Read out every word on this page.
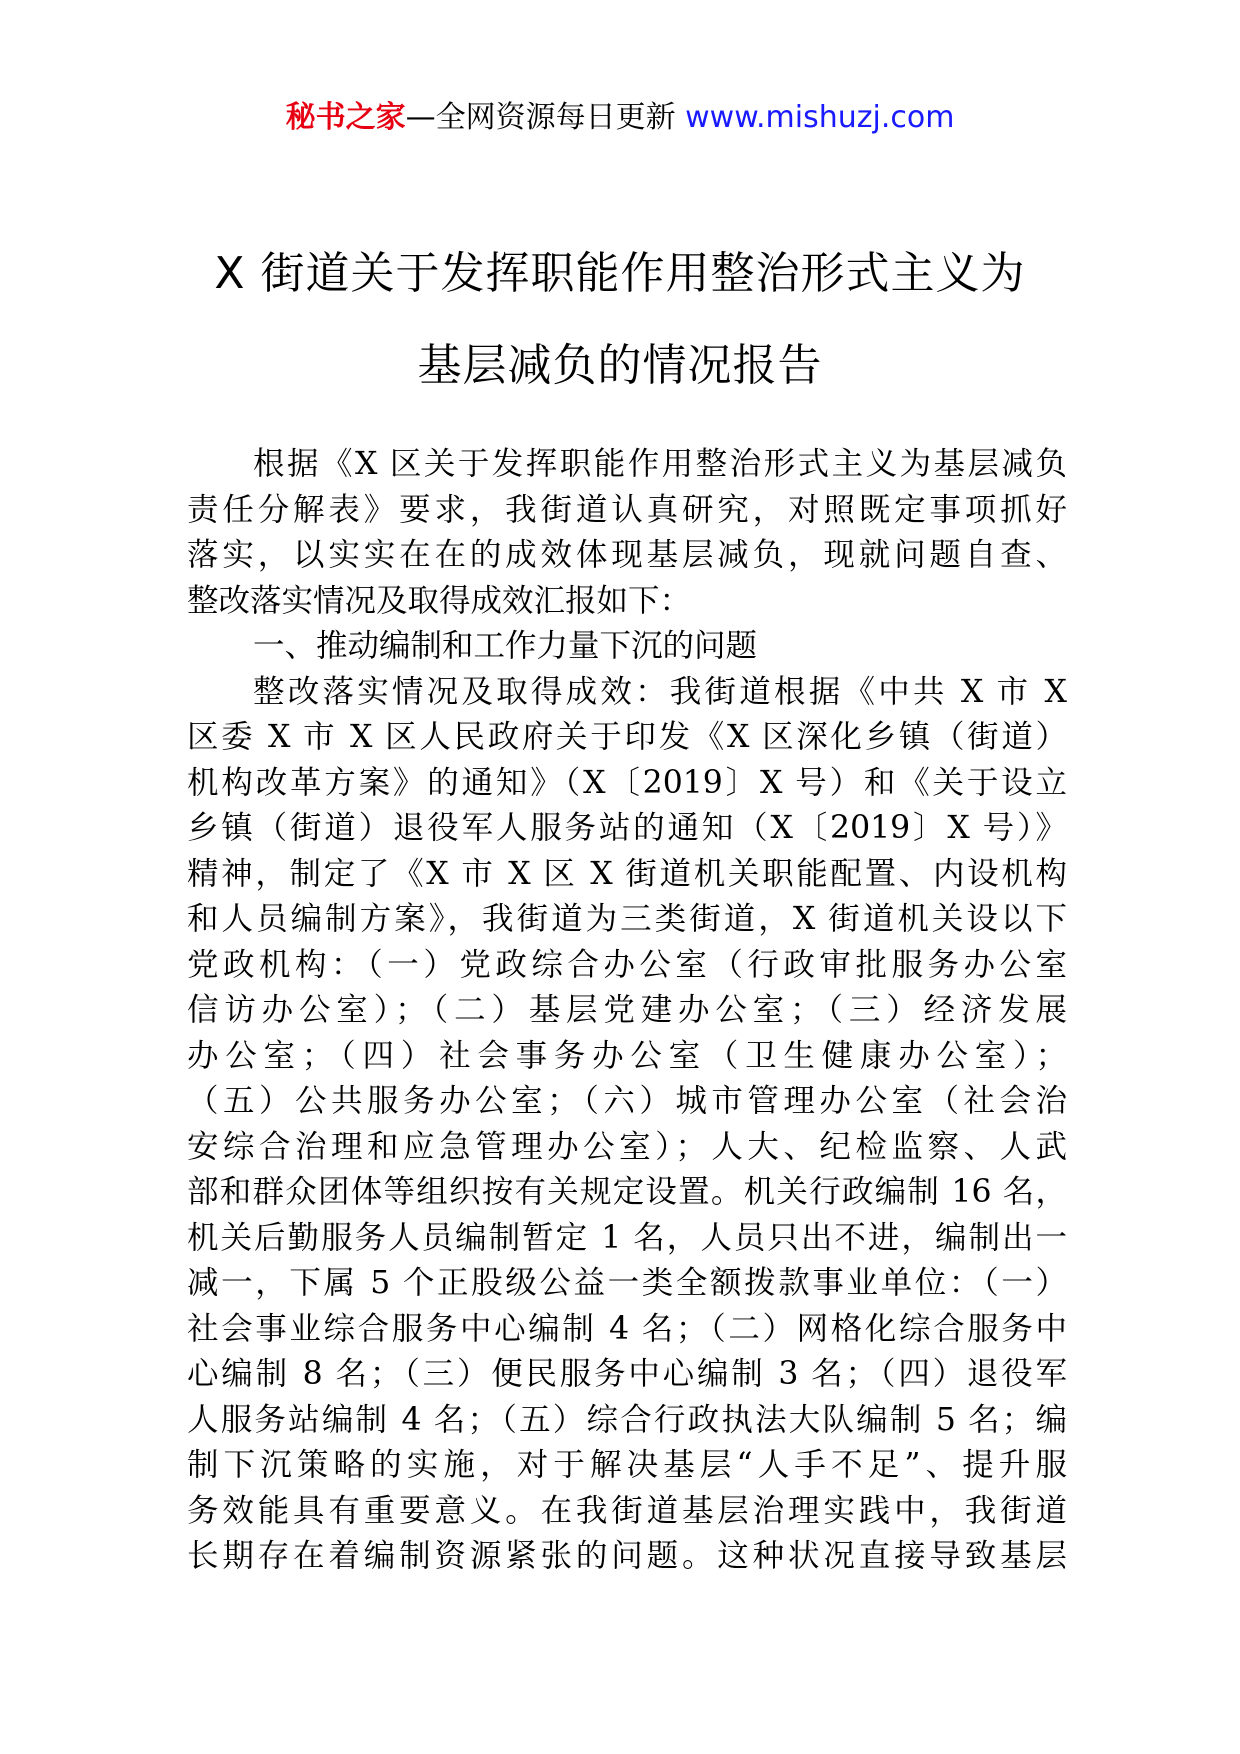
秘书之家—全网资源每日更新 www.mishuzj.com
X 街道关于发挥职能作用整治形式主义为
基层减负的情况报告
根据《X 区关于发挥职能作用整治形式主义为基层减负
责任分解表》要求，我街道认真研究，对照既定事项抓好
落实，以实实在在的成效体现基层减负，现就问题自查、
整改落实情况及取得成效汇报如下：
一、推动编制和工作力量下沉的问题
整改落实情况及取得成效：我街道根据《中共 X 市 X
区委 X 市 X 区人民政府关于印发《X 区深化乡镇（街道）
机构改革方案》的通知》（X〔2019〕X 号）和《关于设立
乡镇（街道）退役军人服务站的通知（X〔2019〕X 号）》
精神，制定了《X 市 X 区 X 街道机关职能配置、内设机构
和人员编制方案》，我街道为三类街道，X 街道机关设以下
党政机构：（一）党政综合办公室（行政审批服务办公室
信访办公室）；（二）基层党建办公室；（三）经济发展
办公室；（四）社会事务办公室（卫生健康办公室）；
（五）公共服务办公室；（六）城市管理办公室（社会治
安综合治理和应急管理办公室）；人大、纪检监察、人武
部和群众团体等组织按有关规定设置。机关行政编制 16 名，
机关后勤服务人员编制暂定 1 名，人员只出不进，编制出一
减一，下属 5 个正股级公益一类全额拨款事业单位：（一）
社会事业综合服务中心编制 4 名；（二）网格化综合服务中
心编制 8 名；（三）便民服务中心编制 3 名；（四）退役军
人服务站编制 4 名；（五）综合行政执法大队编制 5 名；编
制下沉策略的实施，对于解决基层“人手不足”、提升服
务效能具有重要意义。在我街道基层治理实践中，我街道
长期存在着编制资源紧张的问题。这种状况直接导致基层
